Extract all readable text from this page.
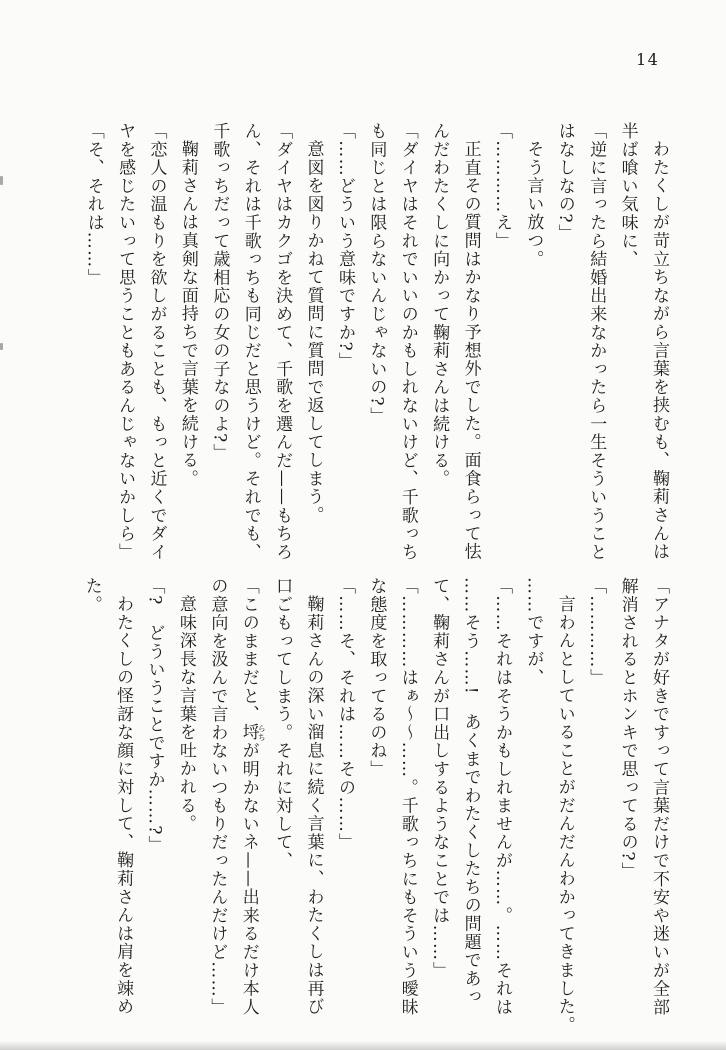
14
わたくしが苛立ちながら言葉を挟むも、鞠莉さんは
半ば喰い気味に、
「逆に言ったら結婚出来なかったら一生そういうこと
はなしなの?」
そう言い放つ。
「…………え」
正直その質問はかなり予想外でした。面食らって怯
んだわたくしに向かって鞠莉さんは続ける。
「ダイヤはそれでいいのかもしれないけど、千歌っち
も同じとは限らないんじゃないの?」
「……どういう意味ですか?」
意図を図りかねて質問に質問で返してしまう。
「ダイヤはカクゴを決めて、千歌を選んだ——もちろ
ん、それは千歌っちも同じだと思うけど。それでも、
千歌っちだって歳相応の女の子なのよ?」
鞠莉さんは真剣な面持ちで言葉を続ける。
「恋人の温もりを欲しがることも、もっと近くでダイ
ヤを感じたいって思うこともあるんじゃないかしら」
「そ、それは……」
「アナタが好きですって言葉だけで不安や迷いが全部
解消されるとホンキで思ってるの?」
「…………」
言わんとしていることがだんだんわかってきました。
……ですが、
「……それはそうかもしれませんが……。……それは
……そう……!　あくまでわたくしたちの問題であっ
て、鞠莉さんが口出しするようなことでは……」
「…………はぁ〜〜……。千歌っちにもそういう曖昧
な態度を取ってるのね」
「……そ、それは……その……」
鞠莉さんの深い溜息に続く言葉に、わたくしは再び
口ごもってしまう。それに対して、
「このままだと、埒らちが明かないネ——出来るだけ本人
の意向を汲んで言わないつもりだったんだけど……」
意味深長な言葉を吐かれる。
「?　どういうことですか……?」
わたくしの怪訝な顔に対して、鞠莉さんは肩を竦め
た。
